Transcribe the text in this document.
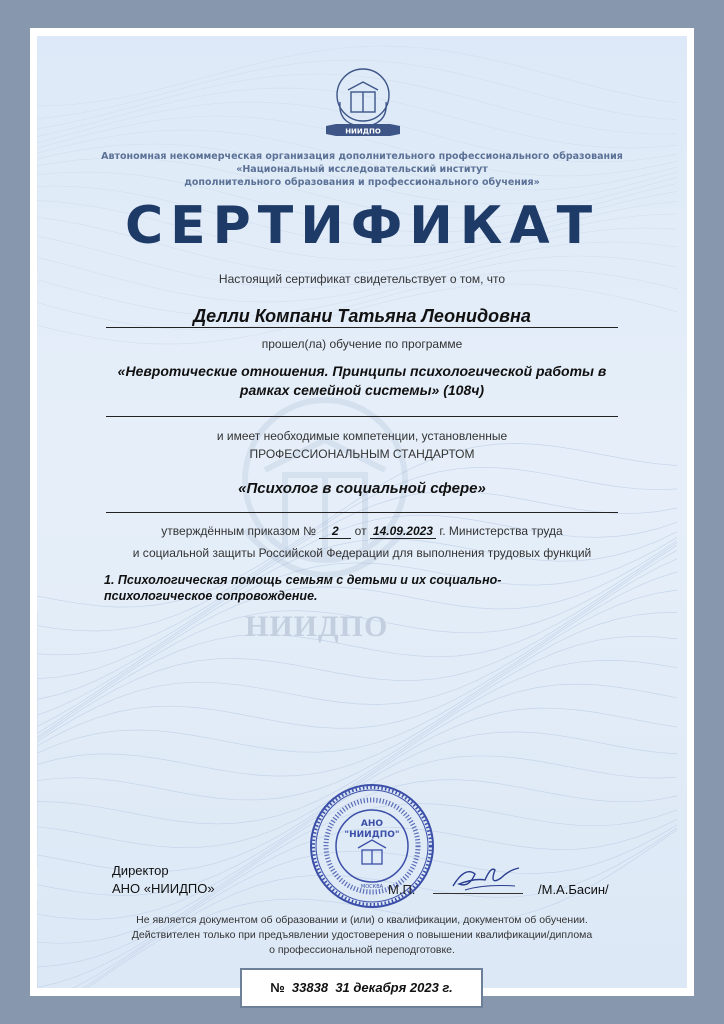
НИИДПО
НИИДПО
Автономная некоммерческая организация дополнительного профессионального образования
«Национальный исследовательский институт
дополнительного образования и профессионального обучения»
СЕРТИФИКАТ
Настоящий сертификат свидетельствует о том, что
Делли Компани Татьяна Леонидовна
прошел(ла) обучение по программе
«Невротические отношения. Принципы психологической работы в
рамках семейной системы» (108ч)
и имеет необходимые компетенции, установленные
ПРОФЕССИОНАЛЬНЫМ СТАНДАРТОМ
«Психолог в социальной сфере»
утверждённым приказом № 2 от 14.09.2023 г. Министерства труда
и социальной защиты Российской Федерации для выполнения трудовых функций
1. Психологическая помощь семьям с детьми и их социально-
психологическое сопровождение.
АНО
"НИИДПО"
МОСКВА
Директор
АНО «НИИДПО»	М.П.	/М.А.Басин/
Не является документом об образовании и (или) о квалификации, документом об обучении.
Действителен только при предъявлении удостоверения о повышении квалификации/диплома
о профессиональной переподготовке.
№ 33838 31 декабря 2023 г.
